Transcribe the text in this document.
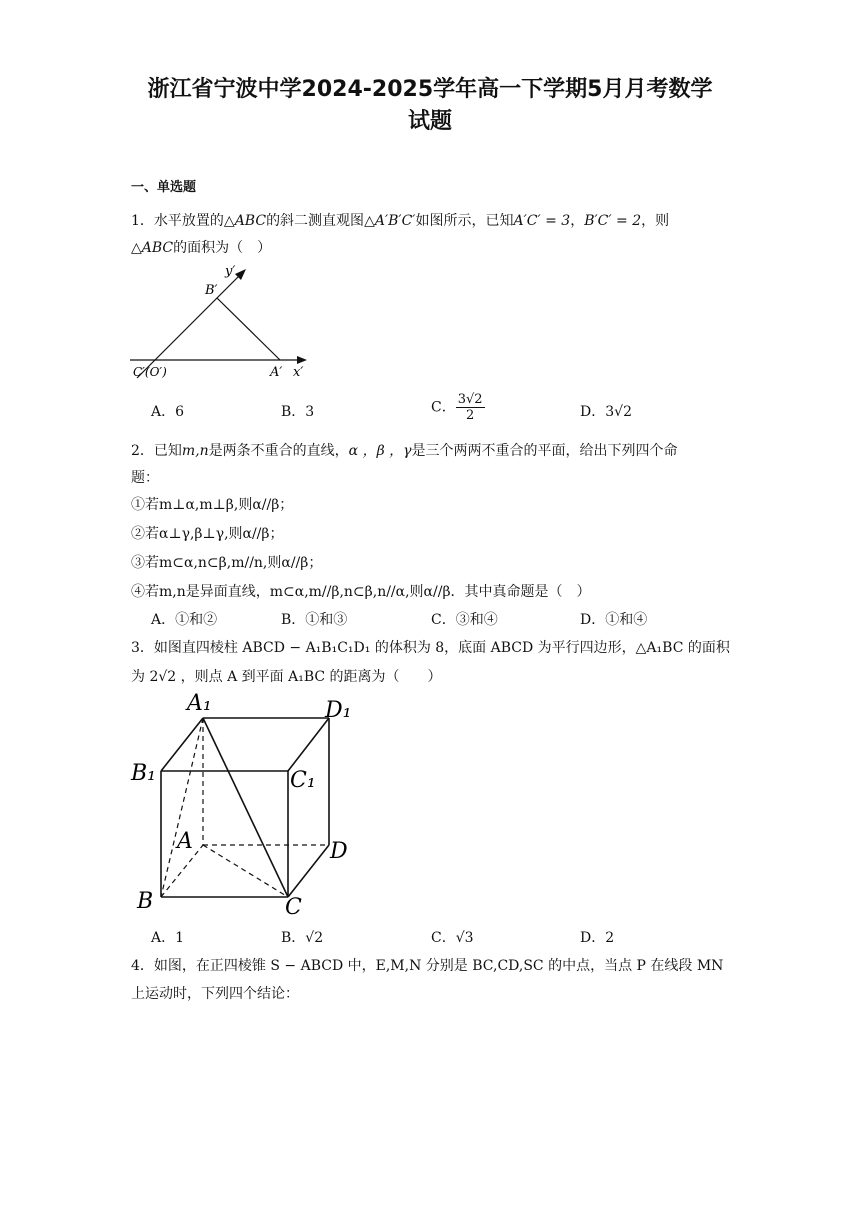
浙江省宁波中学2024-2025学年高一下学期5月月考数学
试题
一、单选题
1．水平放置的△ABC的斜二测直观图△A′B′C′如图所示，已知A′C′ = 3，B′C′ = 2，则
△ABC的面积为（　）
y′
B′
C′(O′)	A′ x′
A．6	B．3	C． $\frac{3√2}{2}$	D．3√2
2．已知m,n是两条不重合的直线，α ，β ，γ是三个两两不重合的平面，给出下列四个命
题：
①若m⊥α,m⊥β,则α//β；
②若α⊥γ,β⊥γ,则α//β；
③若m⊂α,n⊂β,m//n,则α//β；
④若m,n是异面直线，m⊂α,m//β,n⊂β,n//α,则α//β．其中真命题是（　）
A．①和②	B．①和③	C．③和④	D．①和④
3．如图直四棱柱 ABCD − A₁B₁C₁D₁ 的体积为 8，底面 ABCD 为平行四边形，△A₁BC 的面积
为 2√2 ，则点 A 到平面 A₁BC 的距离为（　　）
A₁	D₁
B₁	C₁
A	D
B	C
A．1	B．√2	C．√3	D．2
4．如图，在正四棱锥 S − ABCD 中，E,M,N 分别是 BC,CD,SC 的中点，当点 P 在线段 MN
上运动时，下列四个结论：
